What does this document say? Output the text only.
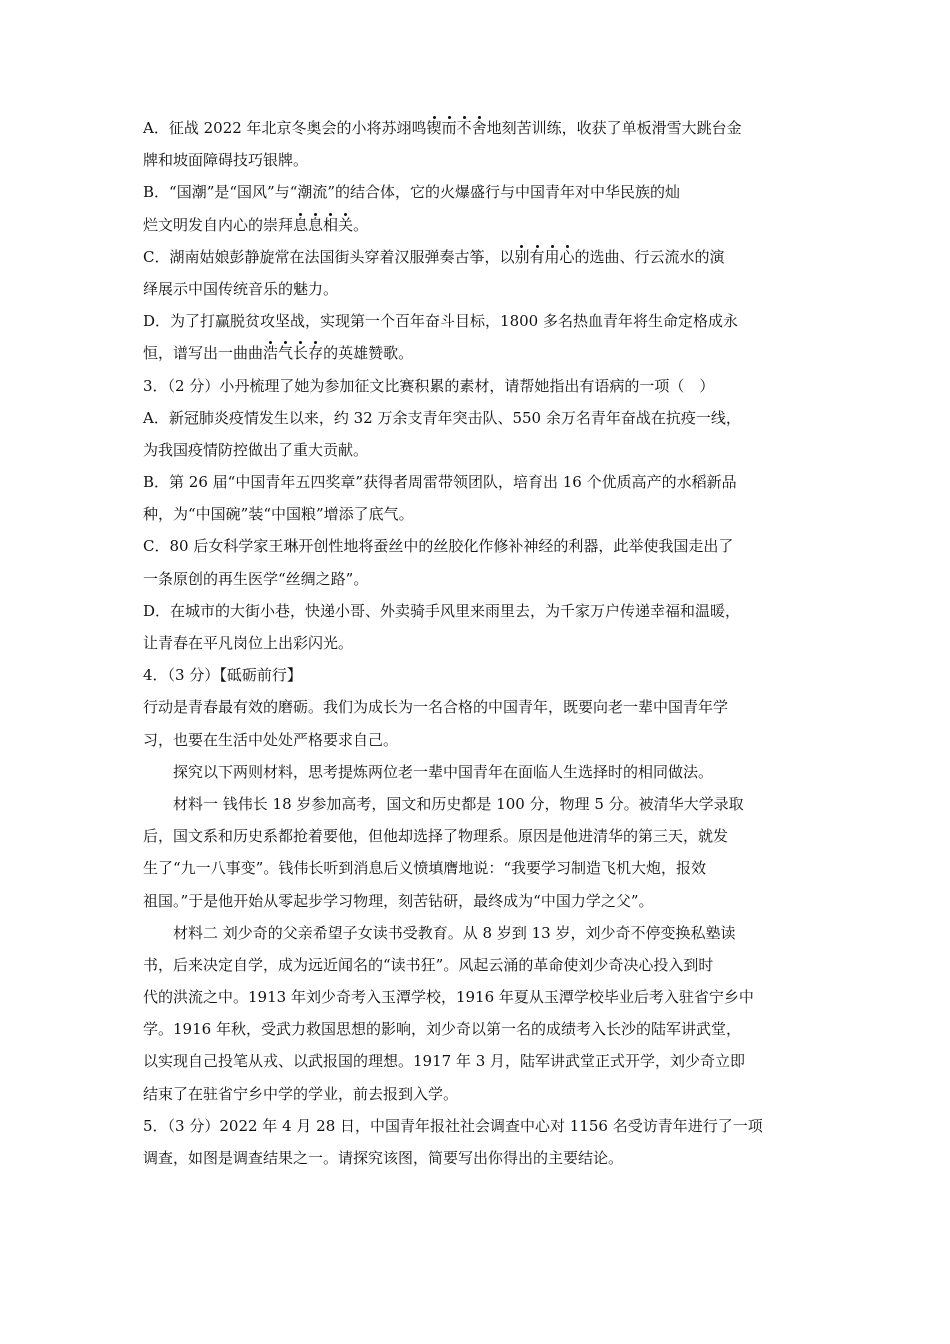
A．征战 2022 年北京冬奥会的小将苏翊鸣锲而不舍地刻苦训练，收获了单板滑雪大跳台金
牌和坡面障碍技巧银牌。
B．“国潮”是“国风”与“潮流”的结合体，它的火爆盛行与中国青年对中华民族的灿
烂文明发自内心的崇拜息息相关。
C．湖南姑娘彭静旋常在法国街头穿着汉服弹奏古筝，以别有用心的选曲、行云流水的演
绎展示中国传统音乐的魅力。
D．为了打赢脱贫攻坚战，实现第一个百年奋斗目标，1800 多名热血青年将生命定格成永
恒，谱写出一曲曲浩气长存的英雄赞歌。
3．（2 分）小丹梳理了她为参加征文比赛积累的素材，请帮她指出有语病的一项（　）
A．新冠肺炎疫情发生以来，约 32 万余支青年突击队、550 余万名青年奋战在抗疫一线，
为我国疫情防控做出了重大贡献。
B．第 26 届“中国青年五四奖章”获得者周雷带领团队，培育出 16 个优质高产的水稻新品
种，为“中国碗”装“中国粮”增添了底气。
C．80 后女科学家王琳开创性地将蚕丝中的丝胶化作修补神经的利器，此举使我国走出了
一条原创的再生医学“丝绸之路”。
D．在城市的大街小巷，快递小哥、外卖骑手风里来雨里去，为千家万户传递幸福和温暖，
让青春在平凡岗位上出彩闪光。
4．（3 分）【砥砺前行】
行动是青春最有效的磨砺。我们为成长为一名合格的中国青年，既要向老一辈中国青年学
习，也要在生活中处处严格要求自己。
探究以下两则材料，思考提炼两位老一辈中国青年在面临人生选择时的相同做法。
材料一 钱伟长 18 岁参加高考，国文和历史都是 100 分，物理 5 分。被清华大学录取
后，国文系和历史系都抢着要他，但他却选择了物理系。原因是他进清华的第三天，就发
生了“九一八事变”。钱伟长听到消息后义愤填膺地说：“我要学习制造飞机大炮，报效
祖国。”于是他开始从零起步学习物理，刻苦钻研，最终成为“中国力学之父”。
材料二 刘少奇的父亲希望子女读书受教育。从 8 岁到 13 岁，刘少奇不停变换私塾读
书，后来决定自学，成为远近闻名的“读书狂”。风起云涌的革命使刘少奇决心投入到时
代的洪流之中。1913 年刘少奇考入玉潭学校，1916 年夏从玉潭学校毕业后考入驻省宁乡中
学。1916 年秋，受武力救国思想的影响，刘少奇以第一名的成绩考入长沙的陆军讲武堂，
以实现自己投笔从戎、以武报国的理想。1917 年 3 月，陆军讲武堂正式开学，刘少奇立即
结束了在驻省宁乡中学的学业，前去报到入学。
5．（3 分）2022 年 4 月 28 日，中国青年报社社会调查中心对 1156 名受访青年进行了一项
调查，如图是调查结果之一。请探究该图，简要写出你得出的主要结论。
